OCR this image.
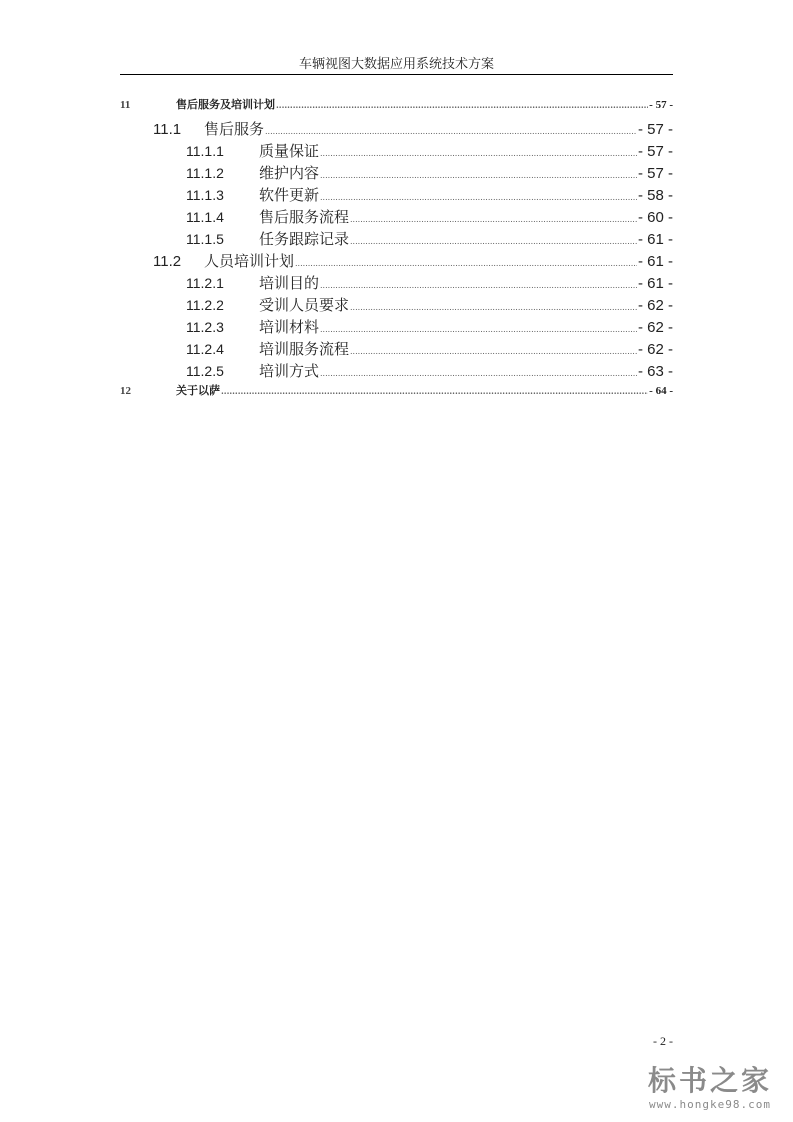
车辆视图大数据应用系统技术方案
11	售后服务及培训计划 .....	- 57 -
11.1	售后服务 .....	- 57 -
11.1.1	质量保证 .....	- 57 -
11.1.2	维护内容 .....	- 57 -
11.1.3	软件更新 .....	- 58 -
11.1.4	售后服务流程 .....	- 60 -
11.1.5	任务跟踪记录 .....	- 61 -
11.2	人员培训计划 .....	- 61 -
11.2.1	培训目的 .....	- 61 -
11.2.2	受训人员要求 .....	- 62 -
11.2.3	培训材料 .....	- 62 -
11.2.4	培训服务流程 .....	- 62 -
11.2.5	培训方式 .....	- 63 -
12	关于以萨 .....	- 64 -
- 2 -
标书之家
www.hongke98.com
